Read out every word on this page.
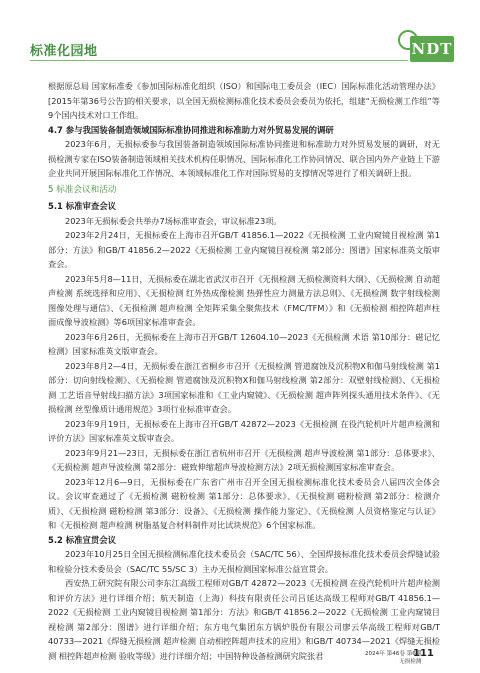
标准化园地	NDT

根据原总局 国家标准委《参加国际标准化组织（ISO）和国际电工委员会（IEC）国际标准化活动管理办法》[2015年第36号公告]的相关要求，以全国无损检测标准化技术委员会委员为依托，组建“无损检测工作组”等9个国内技术对口工作组。

4.7 参与我国装备制造领域国际标准协同推进和标准助力对外贸易发展的调研

2023年6月，无损标委参与我国装备制造领域国际标准协同推进和标准助力对外贸易发展的调研，对无损检测专家在ISO装备制造领域相关技术机构任职情况、国际标准化工作协同情况、联合国内外产业链上下游企业共同开展国际标准化工作情况、本领域标准化工作对国际贸易的支撑情况等进行了相关调研上报。

5 标准会议和活动

5.1 标准审查会议

2023年无损标委会共举办7场标准审查会，审议标准23项。

2023年2月24日，无损标委在上海市召开GB/T 41856.1—2022《无损检测 工业内窥镜目视检测 第1部分：方法》和GB/T 41856.2—2022《无损检测 工业内窥镜目视检测 第2部分：图谱》国家标准英文版审查会。

2023年5月8—11日，无损标委在湖北省武汉市召开《无损检测 无损检测资料大纲》、《无损检测 自动超声检测 系统选择和应用》、《无损检测 红外热成像检测 热弹性应力测量方法总则》、《无损检测 数字射线检测图像处理与通信》、《无损检测 超声检测 全矩阵采集全聚焦技术（FMC/TFM）》和《无损检测 相控阵超声柱面成像导波检测》等6项国家标准审查会。

2023年6月26日，无损标委在上海市召开GB/T 12604.10—2023《无损检测 术语 第10部分：磁记忆检测》国家标准英文版审查会。

2023年8月2—4日，无损标委在浙江省桐乡市召开《无损检测 管道腐蚀及沉积物X和伽马射线检测 第1部分：切向射线检测》、《无损检测 管道腐蚀及沉积物X和伽马射线检测 第2部分：双壁射线检测》、《无损检测 工艺语音导射线扫描方法》3项国家标准和《工业内窥镜》、《无损检测 超声阵列探头通用技术条件》、《无损检测 丝型像质计通用规范》3项行业标准审查会。

2023年9月19日，无损标委在上海市召开GB/T 42872—2023《无损检测 在役汽轮机叶片超声检测和评价方法》国家标准英文版审查会。

2023年9月21—23日，无损标委在浙江省杭州市召开《无损检测 超声导波检测 第1部分：总体要求》、《无损检测 超声导波检测 第2部分：磁致伸缩超声导波检测方法》2项无损检测国家标准审查会。

2023年12月6—9日，无损标委在广东省广州市召开全国无损检测标准化技术委员会八届四次全体会议。会议审查通过了《无损检测 磁粉检测 第1部分：总体要求》、《无损检测 磁粉检测 第2部分：检测介质》、《无损检测 磁粉检测 第3部分：设备》、《无损检测 操作能力鉴定》、《无损检测 人员资格鉴定与认证》和《无损检测 超声检测 树脂基复合材料制件对比试块规范》6个国家标准。

5.2 标准宣贯会议

2023年10月25日全国无损检测标准化技术委员会（SAC/TC 56）、全国焊接标准化技术委员会焊缝试验和检验分技术委员会（SAC/TC 55/SC 3）主办无损检测国家标准公益宣贯会。

西安热工研究院有限公司李东江高级工程师对GB/T 42872—2023《无损检测 在役汽轮机叶片超声检测和评价方法》进行详细介绍；航天制造（上海）科技有限责任公司吕延达高级工程师对GB/T 41856.1—2022《无损检测 工业内窥镜目视检测 第1部分：方法》和GB/T 41856.2—2022《无损检测 工业内窥镜目视检测 第2部分：图谱》进行详细介绍；东方电气集团东方锅炉股份有限公司廖云华高级工程师对GB/T 40733—2021《焊缝无损检测 超声检测 自动相控阵超声技术的应用》和GB/T 40734—2021《焊缝无损检测 相控阵超声检测 验收等级》进行详细介绍；中国特种设备检测研究院张君	2024年 第46卷 第6期
无损检测
111
